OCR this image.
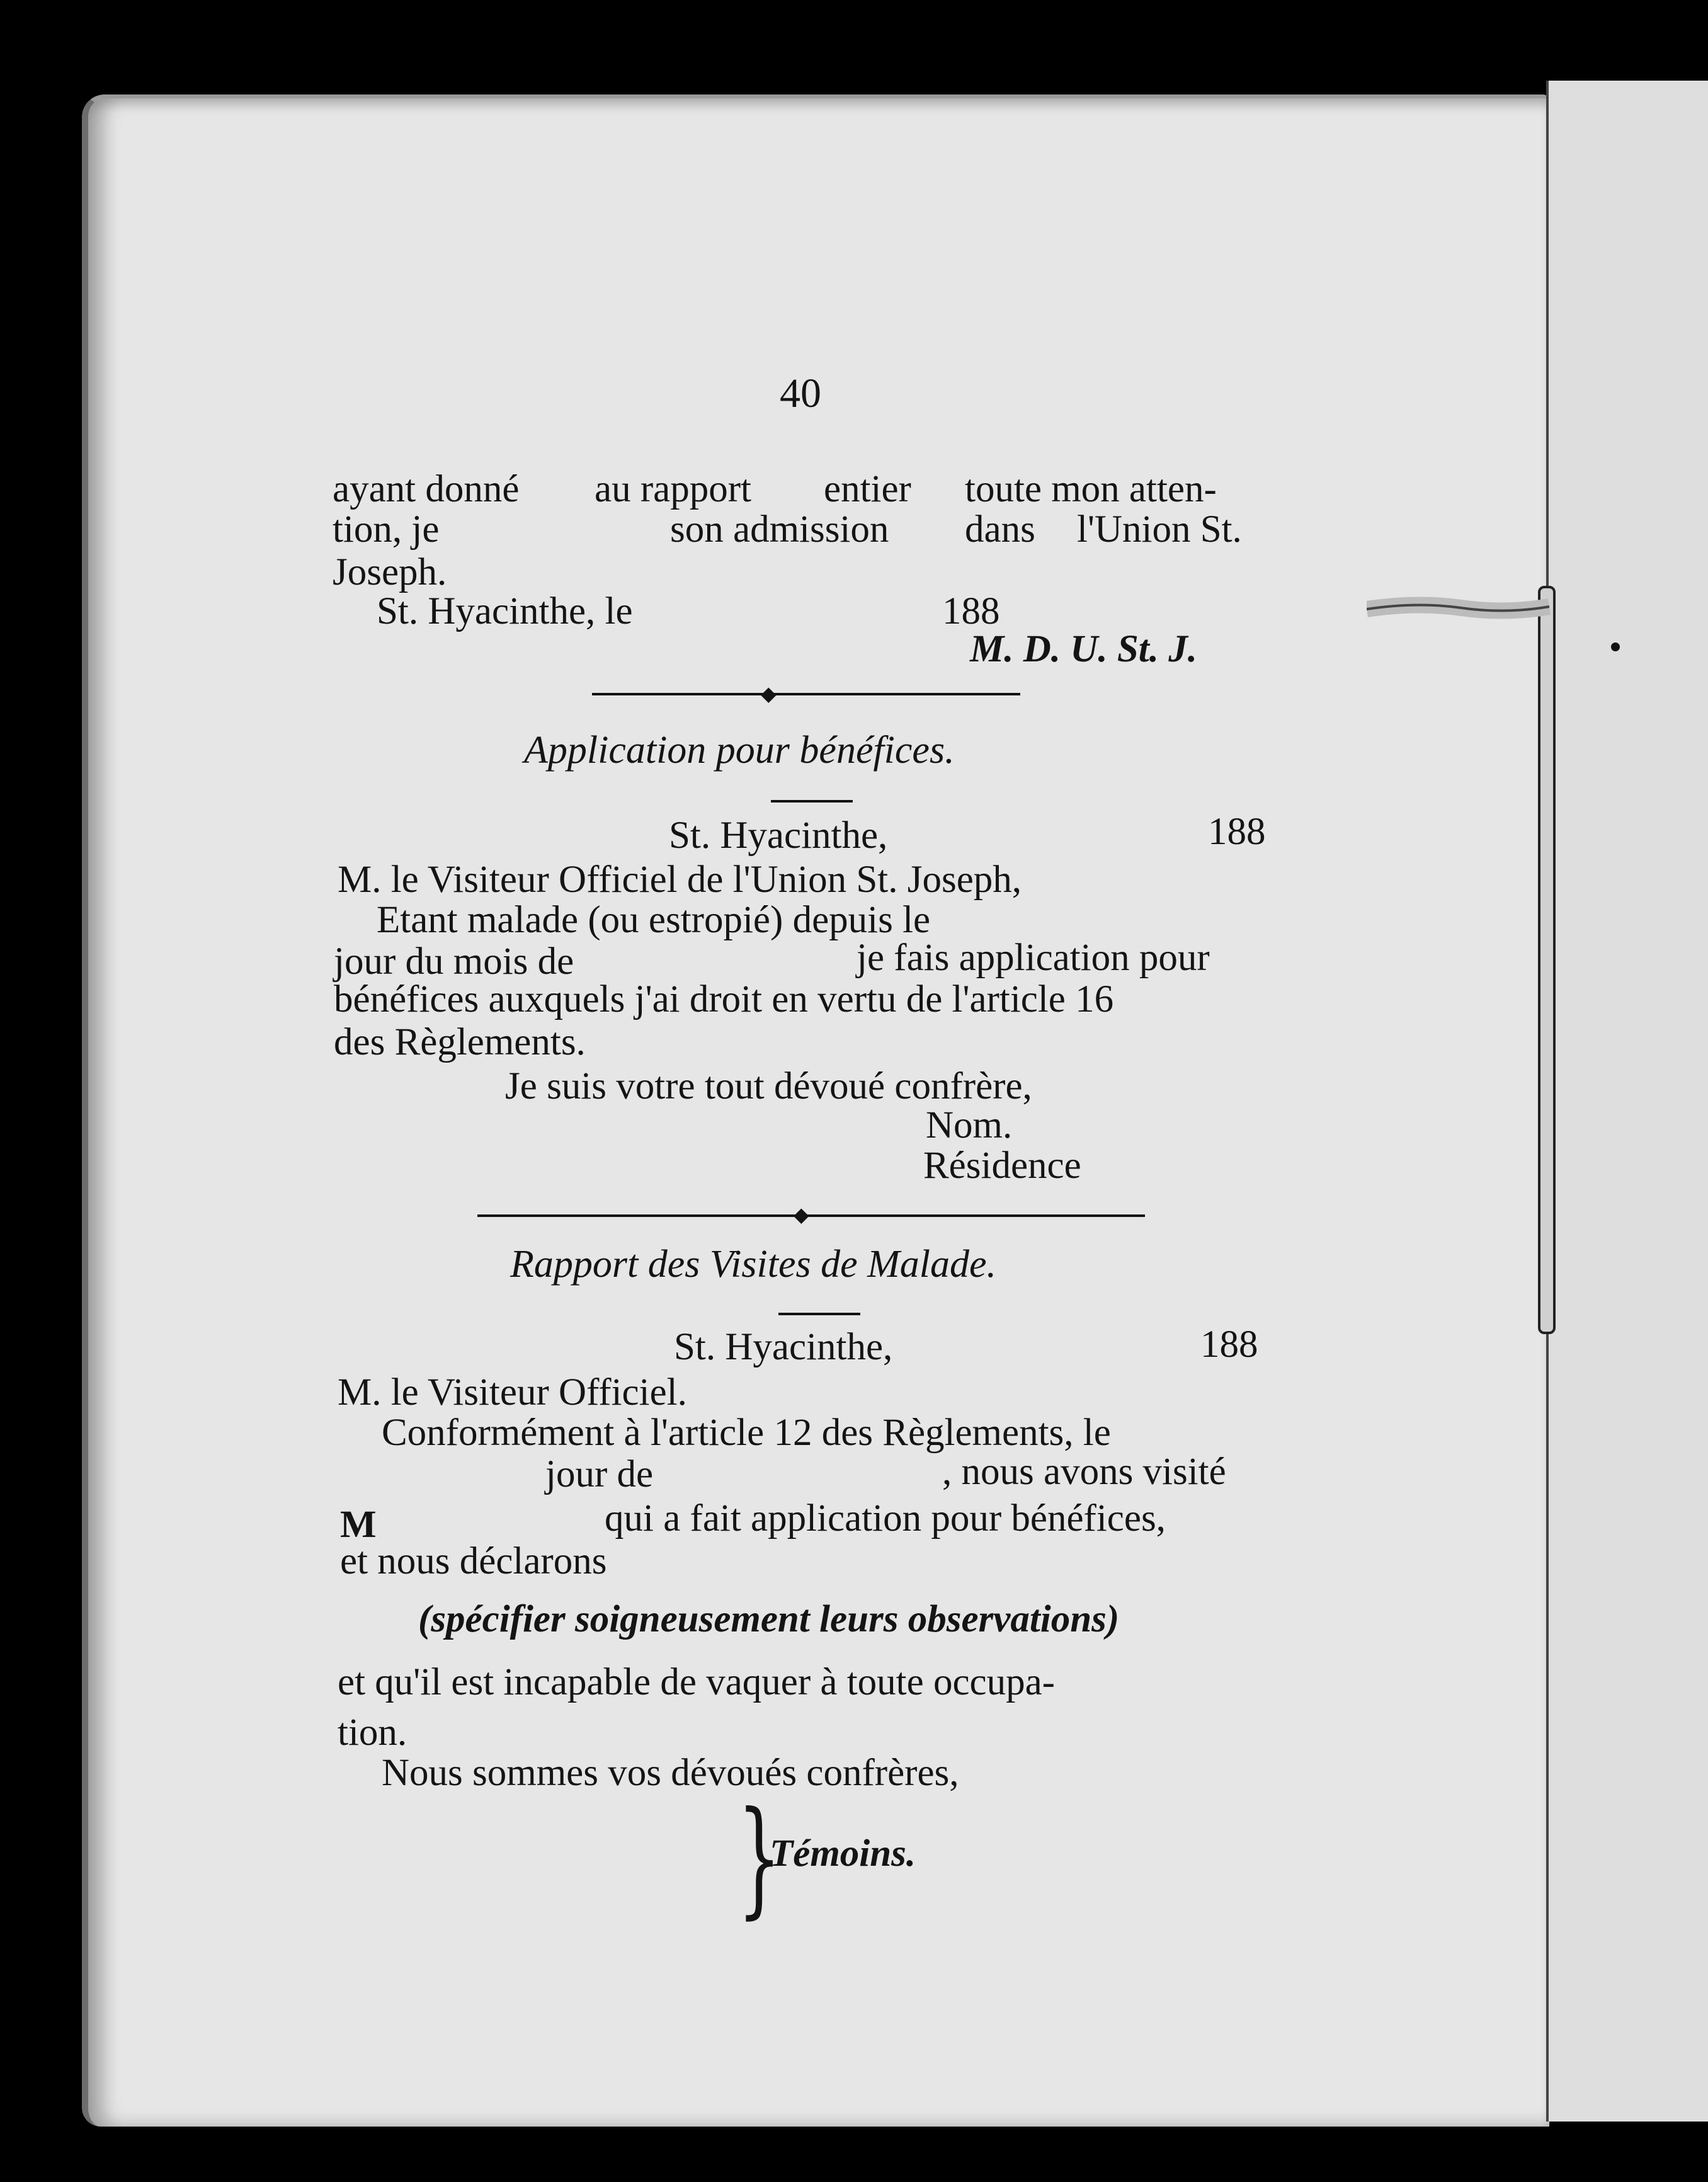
40
ayant donné au rapport entier toute mon atten-
tion, je	son admission dans l'Union St.
Joseph.
St. Hyacinthe, le	188
M. D. U. St. J.
◆
Application pour bénéfices.
St. Hyacinthe,	188
M. le Visiteur Officiel de l'Union St. Joseph,
Etant malade (ou estropié) depuis le
jour du mois de	je fais application pour
bénéfices auxquels j'ai droit en vertu de l'article 16
des Règlements.
Je suis votre tout dévoué confrère,
Nom.
Résidence
◆
Rapport des Visites de Malade.
St. Hyacinthe,	188
M. le Visiteur Officiel.
Conformément à l'article 12 des Règlements, le
jour de	, nous avons visité
M	qui a fait application pour bénéfices,
et nous déclarons
(spécifier soigneusement leurs observations)
et qu'il est incapable de vaquer à toute occupa-
tion.
Nous sommes vos dévoués confrères,
}
Témoins.
